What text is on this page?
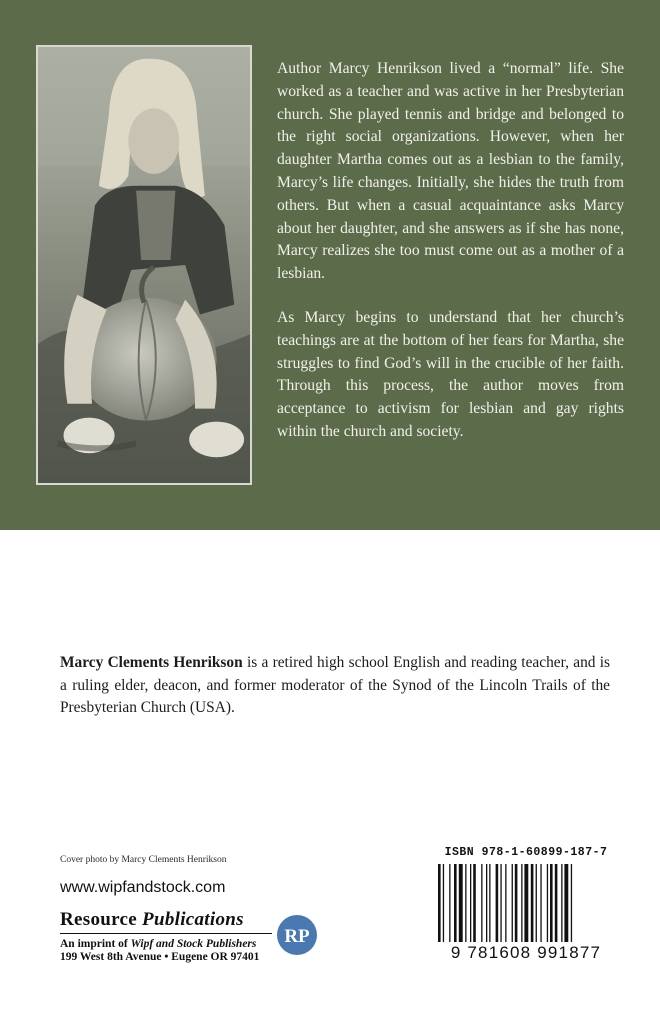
Author Marcy Henrikson lived a “normal” life. She worked as a teacher and was active in her Presbyterian church. She played tennis and bridge and belonged to the right social organizations. However, when her daughter Martha comes out as a lesbian to the family, Marcy’s life changes. Initially, she hides the truth from others. But when a casual acquaintance asks Marcy about her daughter, and she answers as if she has none, Marcy realizes she too must come out as a mother of a lesbian.

As Marcy begins to understand that her church’s teachings are at the bottom of her fears for Martha, she struggles to find God’s will in the crucible of her faith. Through this process, the author moves from acceptance to activism for lesbian and gay rights within the church and society.

Marcy Clements Henrikson is a retired high school English and reading teacher, and is a ruling elder, deacon, and former moderator of the Synod of the Lincoln Trails of the Presbyterian Church (USA).
Cover photo by Marcy Clements Henrikson
www.wipfandstock.com
Resource Publications
An imprint of Wipf and Stock Publishers
199 West 8th Avenue • Eugene OR 97401
RP
ISBN 978-1-60899-187-7
9 781608 991877
